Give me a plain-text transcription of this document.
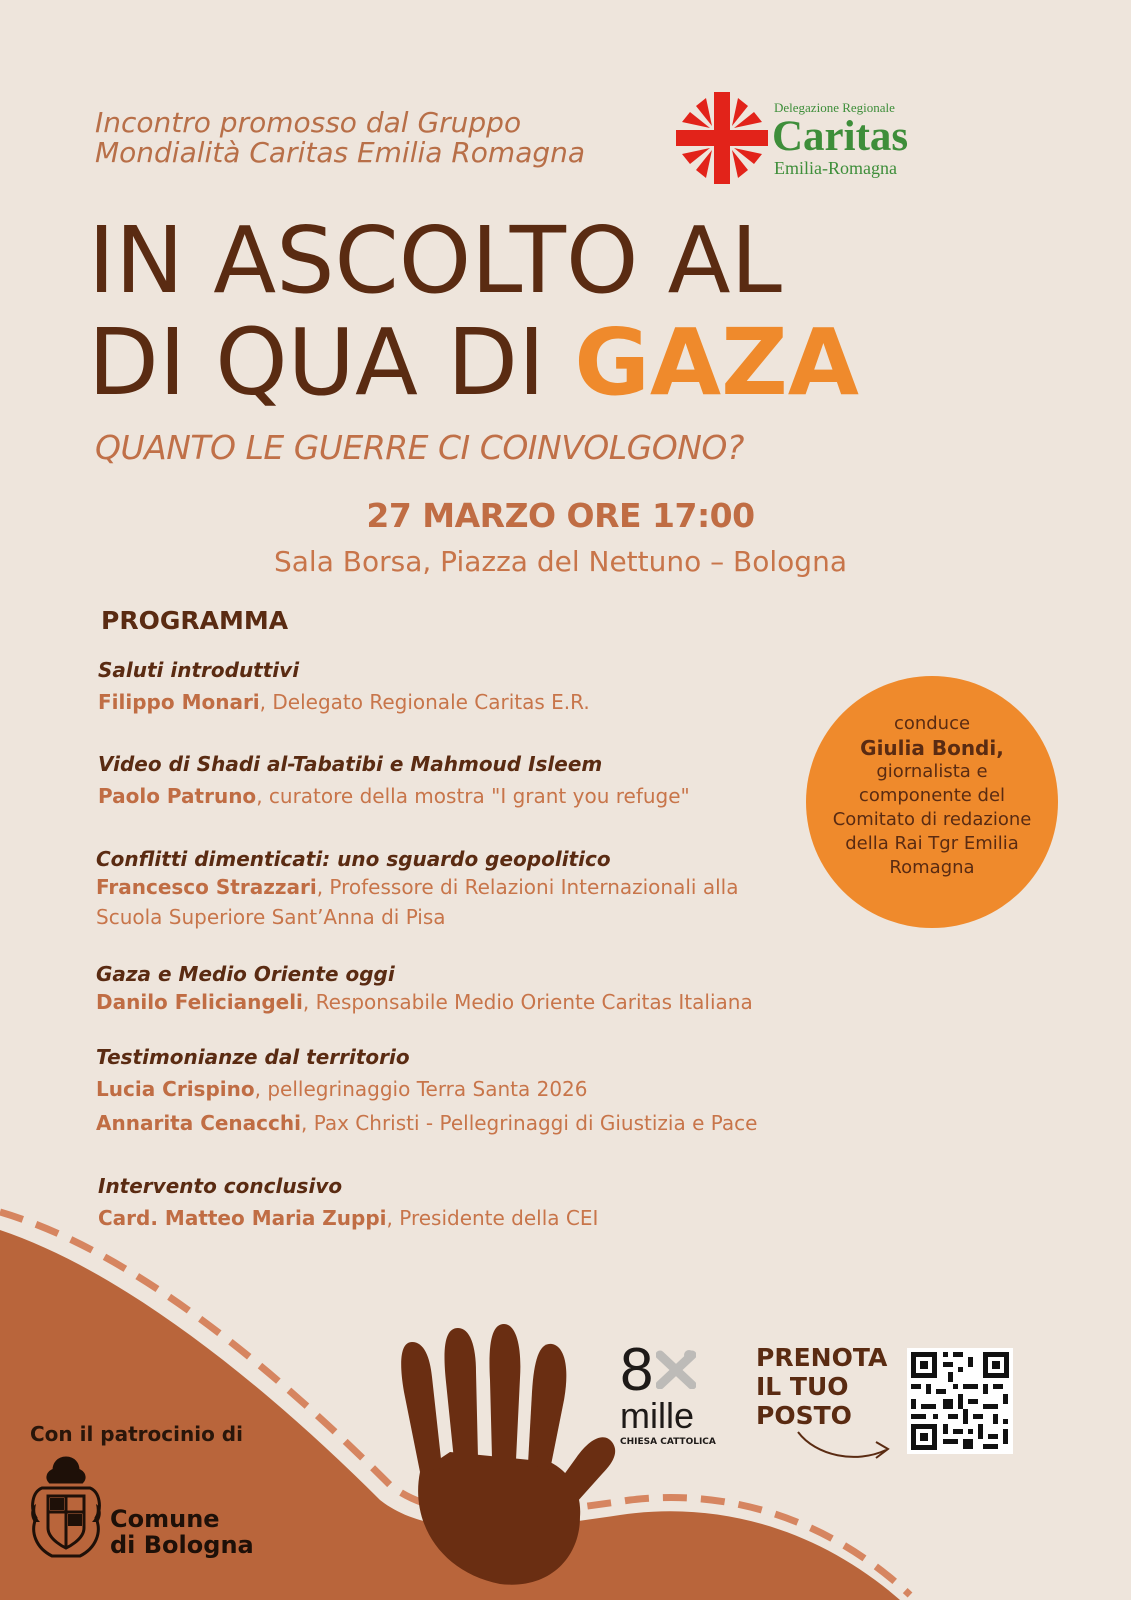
Incontro promosso dal Gruppo
Mondialità Caritas Emilia Romagna
Delegazione Regionale
Caritas
Emilia-Romagna
IN ASCOLTO AL
DI QUA DI GAZA
QUANTO LE GUERRE CI COINVOLGONO?
27 MARZO ORE 17:00
Sala Borsa, Piazza del Nettuno – Bologna
PROGRAMMA
Saluti introduttivi
Filippo Monari, Delegato Regionale Caritas E.R.
Video di Shadi al-Tabatibi e Mahmoud Isleem
Paolo Patruno, curatore della mostra "I grant you refuge"
Conflitti dimenticati: uno sguardo geopolitico
Francesco Strazzari, Professore di Relazioni Internazionali alla
Scuola Superiore Sant’Anna di Pisa
Gaza e Medio Oriente oggi
Danilo Feliciangeli, Responsabile Medio Oriente Caritas Italiana
Testimonianze dal territorio
Lucia Crispino, pellegrinaggio Terra Santa 2026
Annarita Cenacchi, Pax Christi - Pellegrinaggi di Giustizia e Pace
Intervento conclusivo
Card. Matteo Maria Zuppi, Presidente della CEI
conduce
Giulia Bondi,
giornalista e
componente del
Comitato di redazione
della Rai Tgr Emilia
Romagna
8
mille
CHIESA CATTOLICA
PRENOTA
IL TUO
POSTO
Con il patrocinio di
Comune
di Bologna
